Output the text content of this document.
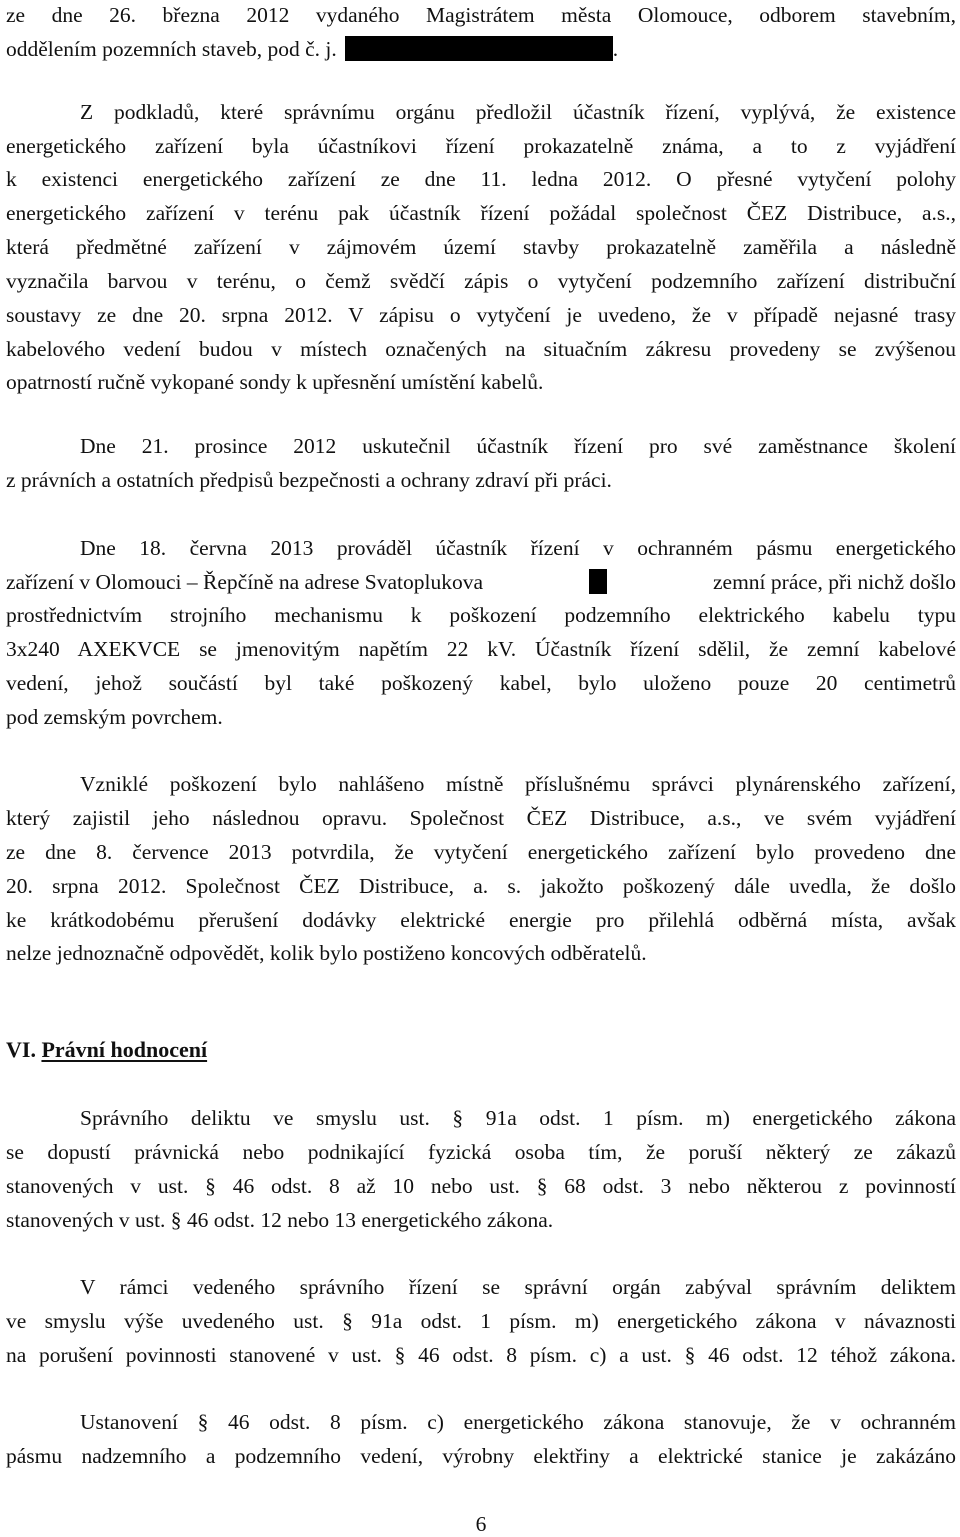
ze dne 26. března 2012 vydaného Magistrátem města Olomouce, odborem stavebním,
oddělením pozemních staveb, pod č. j.	.
Z podkladů, které správnímu orgánu předložil účastník řízení, vyplývá, že existence
energetického zařízení byla účastníkovi řízení prokazatelně známa, a to z vyjádření
k existenci energetického zařízení ze dne 11. ledna 2012. O přesné vytyčení polohy
energetického zařízení v terénu pak účastník řízení požádal společnost ČEZ Distribuce, a.s.,
která předmětné zařízení v zájmovém území stavby prokazatelně zaměřila a následně
vyznačila barvou v terénu, o čemž svědčí zápis o vytyčení podzemního zařízení distribuční
soustavy ze dne 20. srpna 2012. V zápisu o vytyčení je uvedeno, že v případě nejasné trasy
kabelového vedení budou v místech označených na situačním zákresu provedeny se zvýšenou
opatrností ručně vykopané sondy k upřesnění umístění kabelů.
Dne 21. prosince 2012 uskutečnil účastník řízení pro své zaměstnance školení
z právních a ostatních předpisů bezpečnosti a ochrany zdraví při práci.
Dne 18. června 2013 prováděl účastník řízení v ochranném pásmu energetického
zařízení v Olomouci – Řepčíně na adrese Svatoplukova	zemní práce, při nichž došlo
prostřednictvím strojního mechanismu k poškození podzemního elektrického kabelu typu
3x240 AXEKVCE se jmenovitým napětím 22 kV. Účastník řízení sdělil, že zemní kabelové
vedení, jehož součástí byl také poškozený kabel, bylo uloženo pouze 20 centimetrů
pod zemským povrchem.
Vzniklé poškození bylo nahlášeno místně příslušnému správci plynárenského zařízení,
který zajistil jeho následnou opravu. Společnost ČEZ Distribuce, a.s., ve svém vyjádření
ze dne 8. července 2013 potvrdila, že vytyčení energetického zařízení bylo provedeno dne
20. srpna 2012. Společnost ČEZ Distribuce, a. s. jakožto poškozený dále uvedla, že došlo
ke krátkodobému přerušení dodávky elektrické energie pro přilehlá odběrná místa, avšak
nelze jednoznačně odpovědět, kolik bylo postiženo koncových odběratelů.
VI. Právní hodnocení
Správního deliktu ve smyslu ust. § 91a odst. 1 písm. m) energetického zákona
se dopustí právnická nebo podnikající fyzická osoba tím, že poruší některý ze zákazů
stanovených v ust. § 46 odst. 8 až 10 nebo ust. § 68 odst. 3 nebo některou z povinností
stanovených v ust. § 46 odst. 12 nebo 13 energetického zákona.
V rámci vedeného správního řízení se správní orgán zabýval správním deliktem
ve smyslu výše uvedeného ust. § 91a odst. 1 písm. m) energetického zákona v návaznosti
na porušení povinnosti stanovené v ust. § 46 odst. 8 písm. c) a ust. § 46 odst. 12 téhož zákona.
Ustanovení § 46 odst. 8 písm. c) energetického zákona stanovuje, že v ochranném
pásmu nadzemního a podzemního vedení, výrobny elektřiny a elektrické stanice je zakázáno
6
